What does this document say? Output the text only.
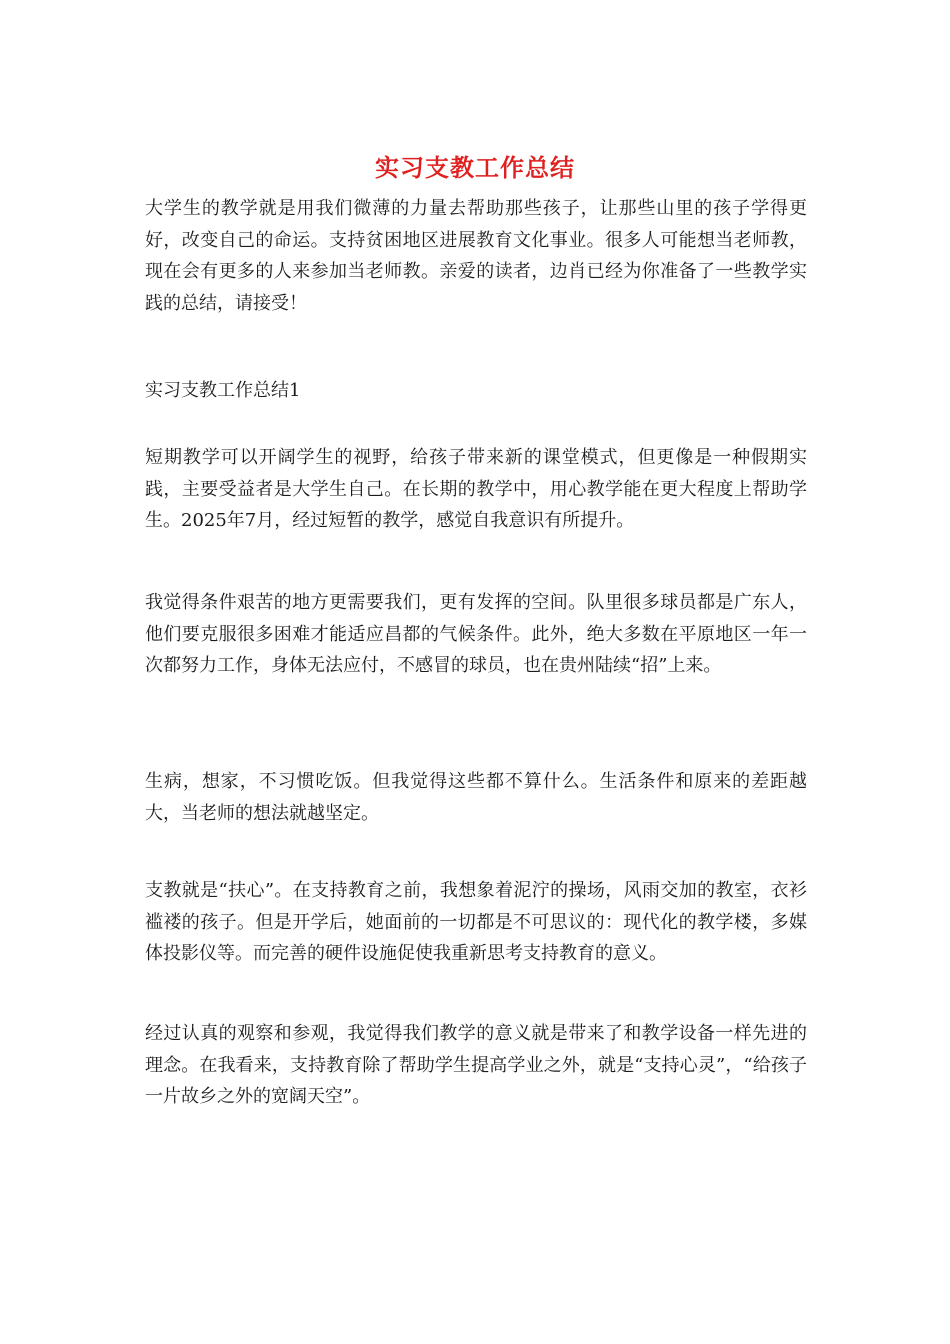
实习支教工作总结

大学生的教学就是用我们微薄的力量去帮助那些孩子，让那些山里的孩子学得更好，改变自己的命运。支持贫困地区进展教育文化事业。很多人可能想当老师教，现在会有更多的人来参加当老师教。亲爱的读者，边肖已经为你准备了一些教学实践的总结，请接受！

实习支教工作总结1

短期教学可以开阔学生的视野，给孩子带来新的课堂模式，但更像是一种假期实践，主要受益者是大学生自己。在长期的教学中，用心教学能在更大程度上帮助学生。2025年7月，经过短暂的教学，感觉自我意识有所提升。

我觉得条件艰苦的地方更需要我们，更有发挥的空间。队里很多球员都是广东人，他们要克服很多困难才能适应昌都的气候条件。此外，绝大多数在平原地区一年一次都努力工作，身体无法应付，不感冒的球员，也在贵州陆续“招”上来。

生病，想家，不习惯吃饭。但我觉得这些都不算什么。生活条件和原来的差距越大，当老师的想法就越坚定。

支教就是“扶心”。在支持教育之前，我想象着泥泞的操场，风雨交加的教室，衣衫褴褛的孩子。但是开学后，她面前的一切都是不可思议的：现代化的教学楼，多媒体投影仪等。而完善的硬件设施促使我重新思考支持教育的意义。

经过认真的观察和参观，我觉得我们教学的意义就是带来了和教学设备一样先进的理念。在我看来，支持教育除了帮助学生提高学业之外，就是“支持心灵”，“给孩子一片故乡之外的宽阔天空”。
